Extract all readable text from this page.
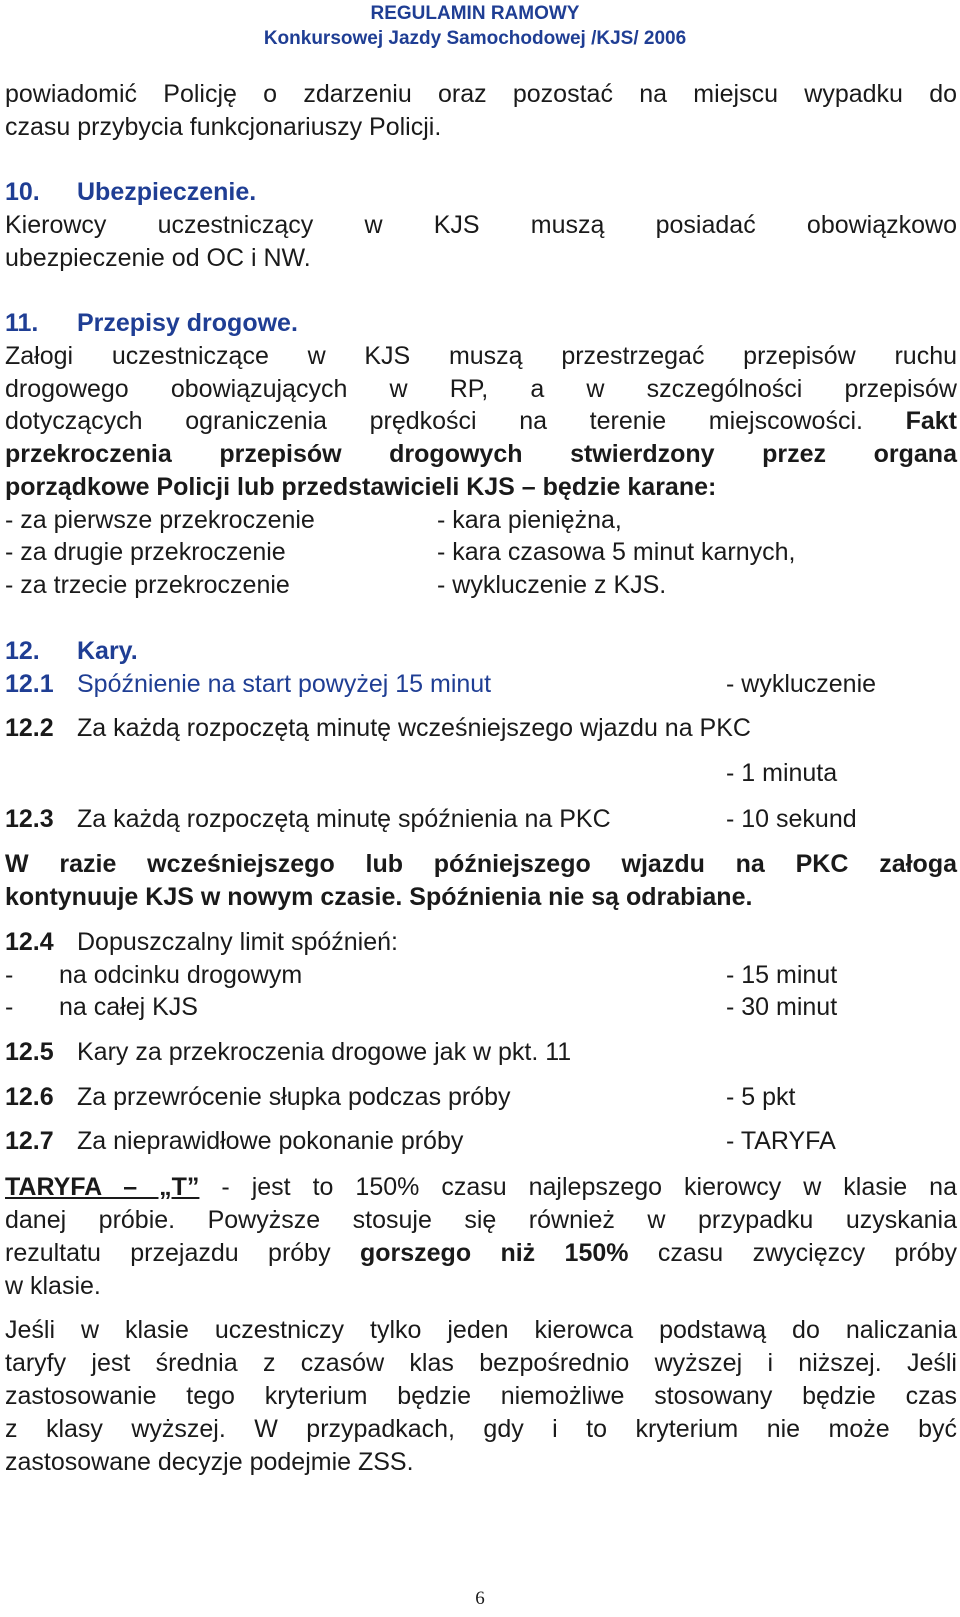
REGULAMIN RAMOWY
Konkursowej Jazdy Samochodowej /KJS/ 2006
powiadomić Policję o zdarzeniu oraz pozostać na miejscu wypadku do
czasu przybycia funkcjonariuszy Policji.
10. Ubezpieczenie.
Kierowcy uczestniczący w KJS muszą posiadać obowiązkowo
ubezpieczenie od OC i NW.
11. Przepisy drogowe.
Załogi uczestniczące w KJS muszą przestrzegać przepisów ruchu
drogowego obowiązujących w RP, a w szczególności przepisów
dotyczących ograniczenia prędkości na terenie miejscowości. Fakt
przekroczenia przepisów drogowych stwierdzony przez organa
porządkowe Policji lub przedstawicieli KJS – będzie karane:
- za pierwsze przekroczenie	- kara pieniężna,
- za drugie przekroczenie	- kara czasowa 5 minut karnych,
- za trzecie przekroczenie	- wykluczenie z KJS.
12. Kary.
12.1 Spóźnienie na start powyżej 15 minut	- wykluczenie
12.2 Za każdą rozpoczętą minutę wcześniejszego wjazdu na PKC
- 1 minuta
12.3 Za każdą rozpoczętą minutę spóźnienia na PKC	- 10 sekund
W razie wcześniejszego lub późniejszego wjazdu na PKC załoga
kontynuuje KJS w nowym czasie. Spóźnienia nie są odrabiane.
12.4 Dopuszczalny limit spóźnień:
- na odcinku drogowym	- 15 minut
- na całej KJS	- 30 minut
12.5 Kary za przekroczenia drogowe jak w pkt. 11
12.6 Za przewrócenie słupka podczas próby	- 5 pkt
12.7 Za nieprawidłowe pokonanie próby	- TARYFA
TARYFA – „T” - jest to 150% czasu najlepszego kierowcy w klasie na
danej próbie. Powyższe stosuje się również w przypadku uzyskania
rezultatu przejazdu próby gorszego niż 150% czasu zwycięzcy próby
w klasie.
Jeśli w klasie uczestniczy tylko jeden kierowca podstawą do naliczania
taryfy jest średnia z czasów klas bezpośrednio wyższej i niższej. Jeśli
zastosowanie tego kryterium będzie niemożliwe stosowany będzie czas
z klasy wyższej. W przypadkach, gdy i to kryterium nie może być
zastosowane decyzje podejmie ZSS.
6
